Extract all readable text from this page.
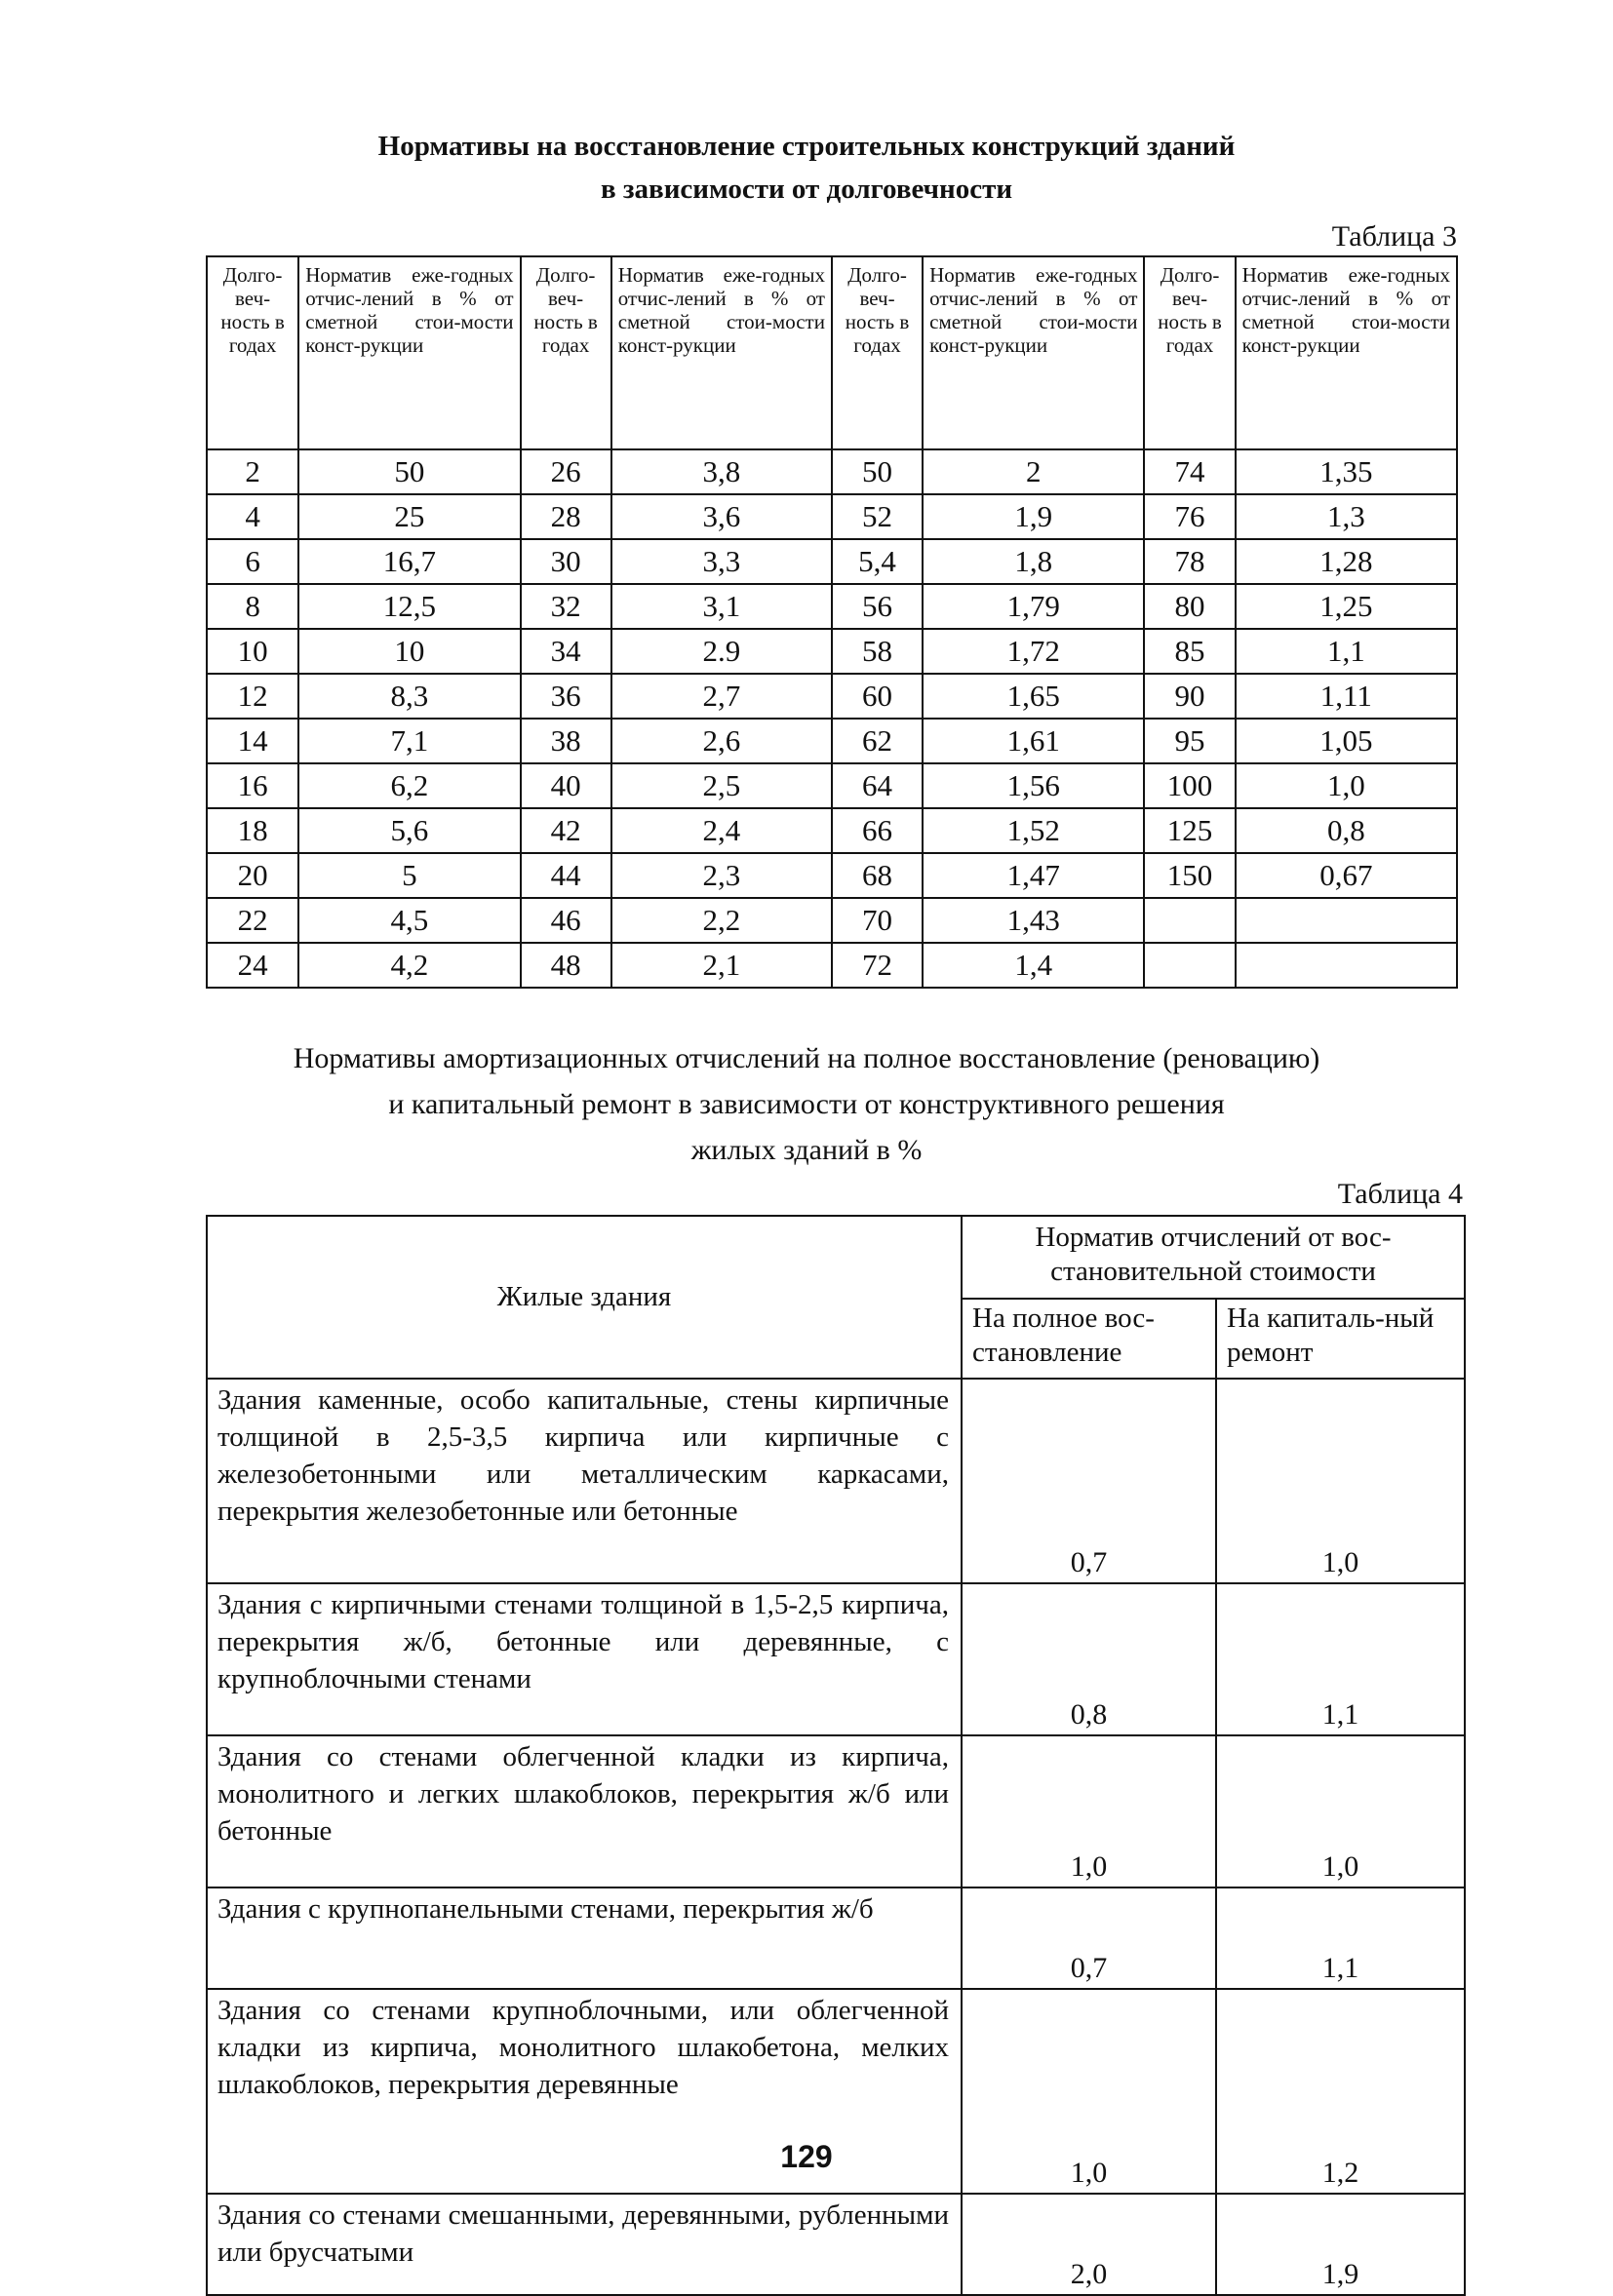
Нормативы на восстановление строительных конструкций зданий
в зависимости от долговечности
Таблица 3
Долго-веч-ность в годах	Норматив еже-годных отчис-лений в % от сметной стои-мости конст-рукции	Долго-веч-ность в годах	Норматив еже-годных отчис-лений в % от сметной стои-мости конст-рукции	Долго-веч-ность в годах	Норматив еже-годных отчис-лений в % от сметной стои-мости конст-рукции	Долго-веч-ность в годах	Норматив еже-годных отчис-лений в % от сметной стои-мости конст-рукции
2	50	26	3,8	50	2	74	1,35
4	25	28	3,6	52	1,9	76	1,3
6	16,7	30	3,3	5,4	1,8	78	1,28
8	12,5	32	3,1	56	1,79	80	1,25
10	10	34	2.9	58	1,72	85	1,1
12	8,3	36	2,7	60	1,65	90	1,11
14	7,1	38	2,6	62	1,61	95	1,05
16	6,2	40	2,5	64	1,56	100	1,0
18	5,6	42	2,4	66	1,52	125	0,8
20	5	44	2,3	68	1,47	150	0,67
22	4,5	46	2,2	70	1,43		
24	4,2	48	2,1	72	1,4		
Нормативы амортизационных отчислений на полное восстановление (реновацию)
и капитальный ремонт в зависимости от конструктивного решения
жилых зданий в %
Таблица 4
Жилые здания	Норматив отчислений от вос-становительной стоимости	
	На полное вос-становление	На капиталь-ный ремонт
Здания каменные, особо капитальные, стены кирпичные толщиной в 2,5-3,5 кирпича или кирпичные с железобетонными или металлическим каркасами, перекрытия железобетонные или бетонные	0,7	1,0
Здания с кирпичными стенами толщиной в 1,5-2,5 кирпича, перекрытия ж/б, бетонные или деревянные, с крупноблочными стенами	0,8	1,1
Здания со стенами облегченной кладки из кирпича, монолитного и легких шлакоблоков, перекрытия ж/б или бетонные	1,0	1,0
Здания с крупнопанельными стенами, перекрытия ж/б	0,7	1,1
Здания со стенами крупноблочными, или облегченной кладки из кирпича, монолитного шлакобетона, мелких шлакоблоков, перекрытия деревянные	1,0	1,2
Здания со стенами смешанными, деревянными, рубленными или брусчатыми	2,0	1,9
129
